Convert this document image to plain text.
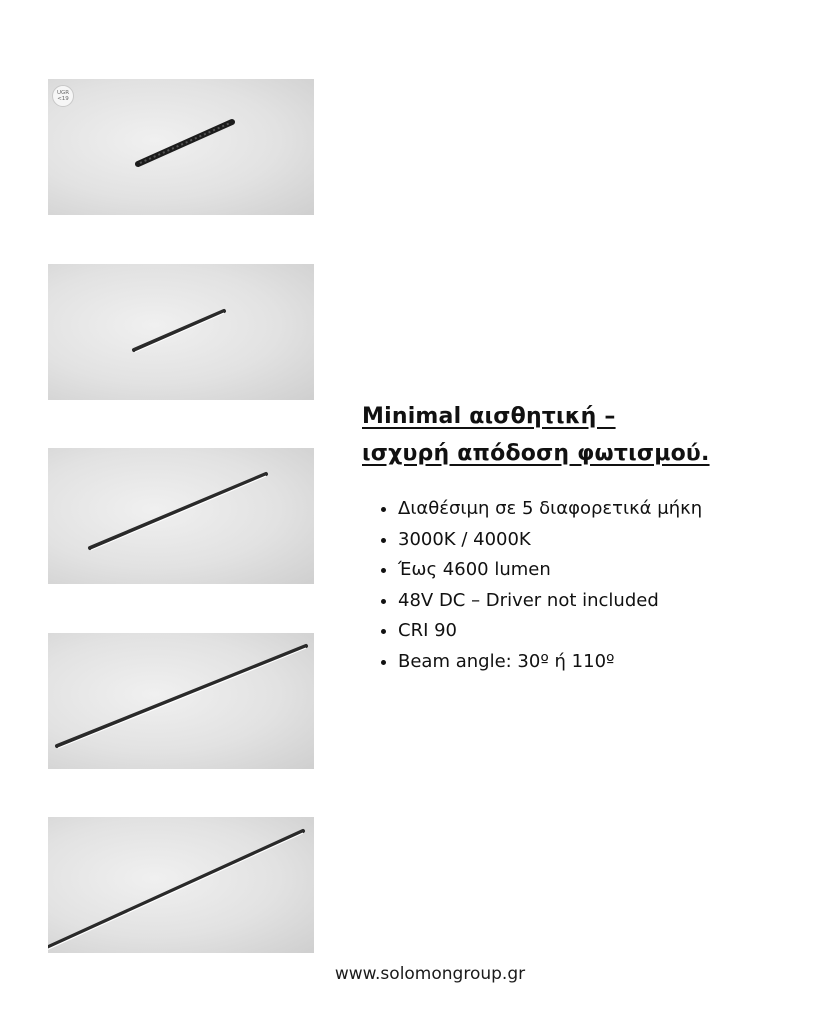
UGR
<19
Minimal αισθητική –
ισχυρή απόδοση φωτισμού.
• Διαθέσιμη σε 5 διαφορετικά μήκη
• 3000K / 4000K
• Έως 4600 lumen
• 48V DC – Driver not included
• CRI 90
• Beam angle: 30º ή 110º
www.solomongroup.gr
